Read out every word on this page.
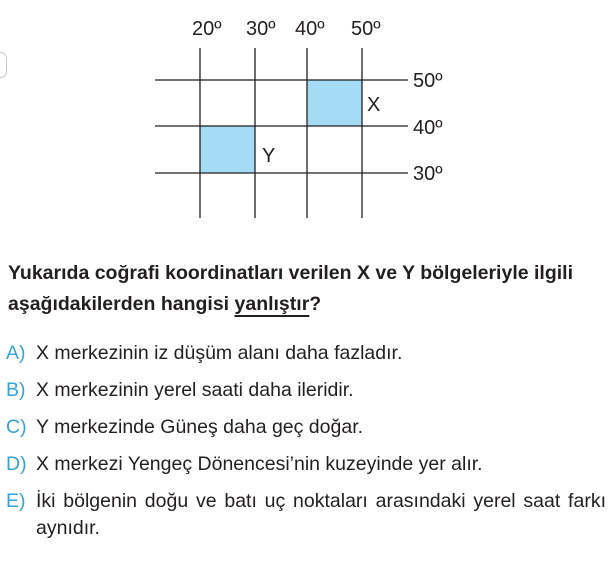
20º 30º 40º 50º
50º
40º
30º
X
Y
Yukarıda coğrafi koordinatları verilen X ve Y bölgeleriyle ilgili aşağıdakilerden hangisi yanlıştır?
A) X merkezinin iz düşüm alanı daha fazladır.
B) X merkezinin yerel saati daha ileridir.
C) Y merkezinde Güneş daha geç doğar.
D) X merkezi Yengeç Dönencesi’nin kuzeyinde yer alır.
E) İki bölgenin doğu ve batı uç noktaları arasındaki yerel saat farkı aynıdır.
